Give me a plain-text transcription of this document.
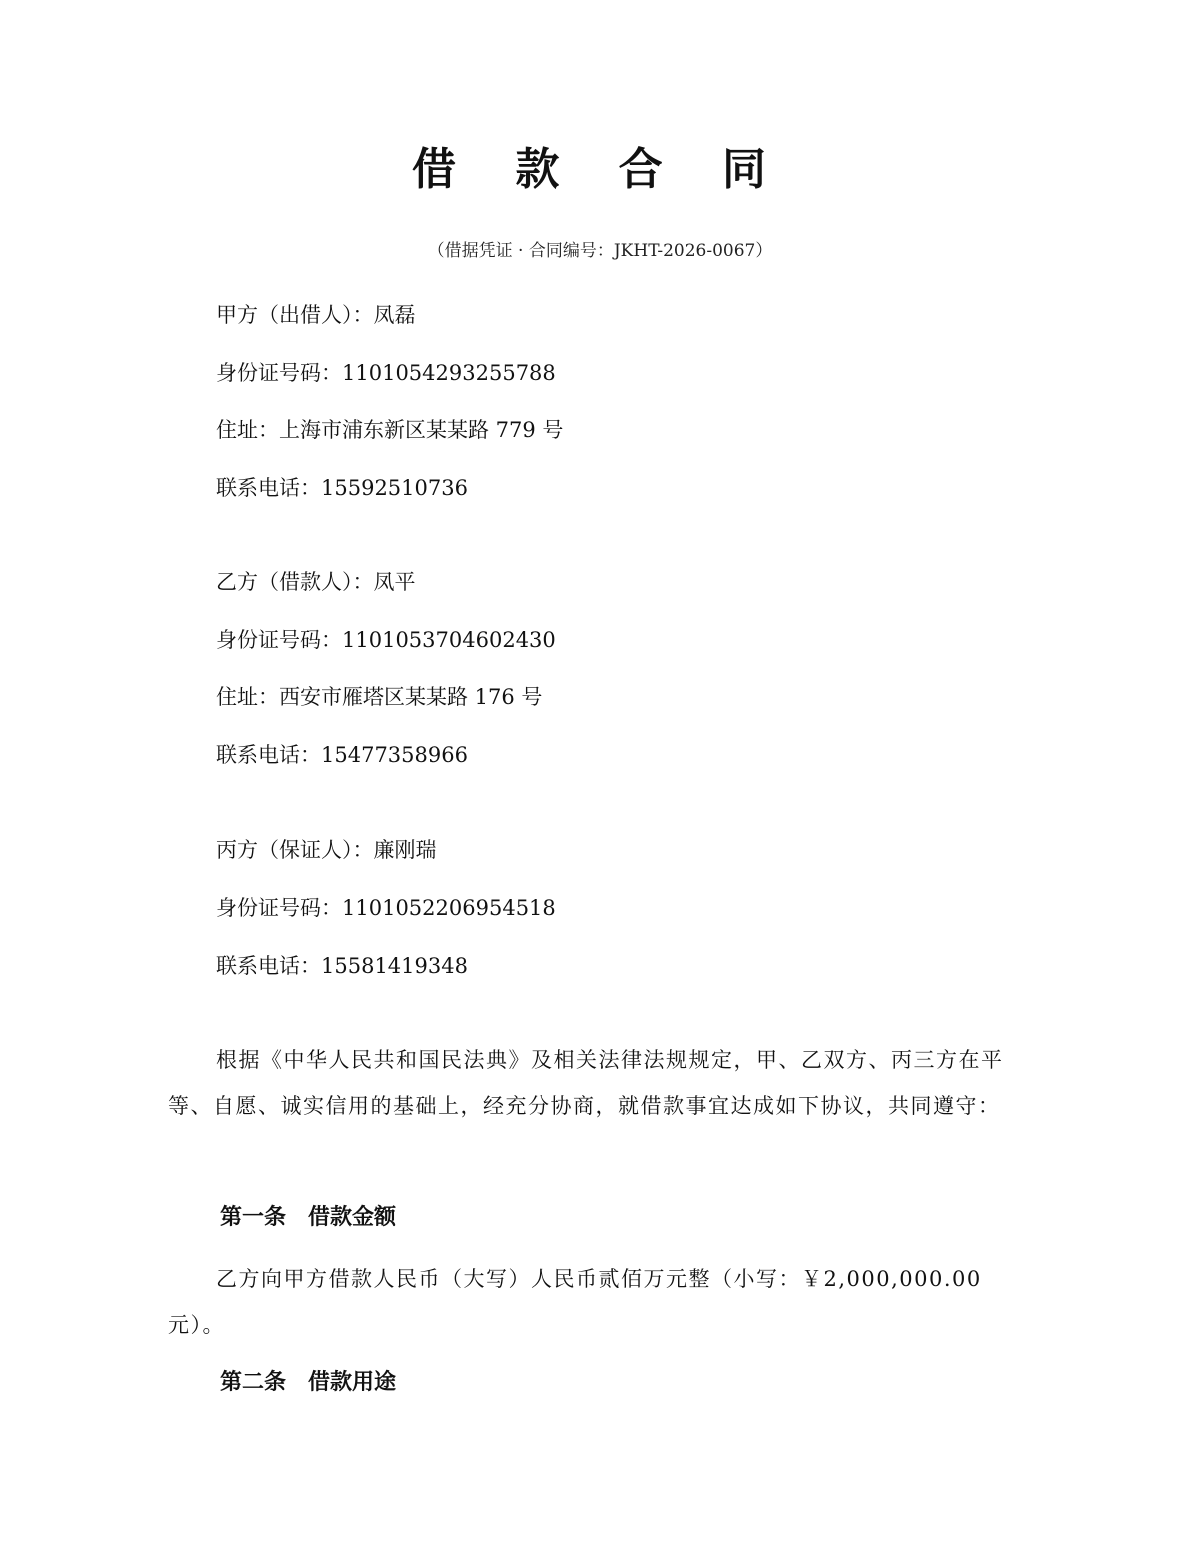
借 款 合 同
（借据凭证 · 合同编号：JKHT-2026-0067）
甲方（出借人）：凤磊
身份证号码：1101054293255788
住址：上海市浦东新区某某路 779 号
联系电话：15592510736
乙方（借款人）：凤平
身份证号码：1101053704602430
住址：西安市雁塔区某某路 176 号
联系电话：15477358966
丙方（保证人）：廉刚瑞
身份证号码：1101052206954518
联系电话：15581419348
根据《中华人民共和国民法典》及相关法律法规规定，甲、乙双方、丙三方在平等、自愿、诚实信用的基础上，经充分协商，就借款事宜达成如下协议，共同遵守：
第一条 借款金额
乙方向甲方借款人民币（大写）人民币贰佰万元整（小写：￥2,000,000.00元）。
第二条 借款用途
